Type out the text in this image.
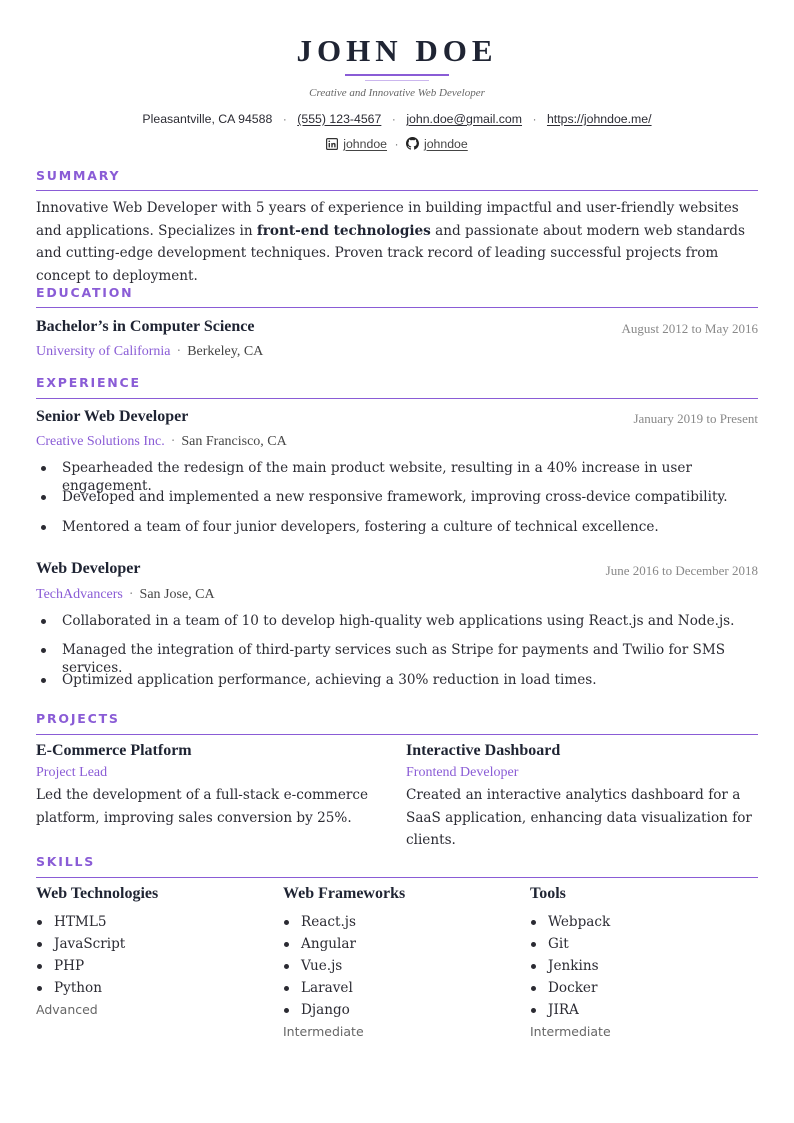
JOHN DOE
Creative and Innovative Web Developer
Pleasantville, CA 94588 · (555) 123-4567 · john.doe@gmail.com · https://johndoe.me/
johndoe · johndoe
SUMMARY
Innovative Web Developer with 5 years of experience in building impactful and user-friendly websites and applications. Specializes in front-end technologies and passionate about modern web standards and cutting-edge development techniques. Proven track record of leading successful projects from concept to deployment.
EDUCATION
Bachelor’s in Computer Science	August 2012 to May 2016
University of California · Berkeley, CA
EXPERIENCE
Senior Web Developer	January 2019 to Present
Creative Solutions Inc. · San Francisco, CA
Spearheaded the redesign of the main product website, resulting in a 40% increase in user engagement.
Developed and implemented a new responsive framework, improving cross-device compatibility.
Mentored a team of four junior developers, fostering a culture of technical excellence.
Web Developer	June 2016 to December 2018
TechAdvancers · San Jose, CA
Collaborated in a team of 10 to develop high-quality web applications using React.js and Node.js.
Managed the integration of third-party services such as Stripe for payments and Twilio for SMS services.
Optimized application performance, achieving a 30% reduction in load times.
PROJECTS
E-Commerce Platform
Project Lead
Led the development of a full-stack e-commerce platform, improving sales conversion by 25%.
Interactive Dashboard
Frontend Developer
Created an interactive analytics dashboard for a SaaS application, enhancing data visualization for clients.
SKILLS
Web Technologies
HTML5
JavaScript
PHP
Python
Advanced
Web Frameworks
React.js
Angular
Vue.js
Laravel
Django
Intermediate
Tools
Webpack
Git
Jenkins
Docker
JIRA
Intermediate
